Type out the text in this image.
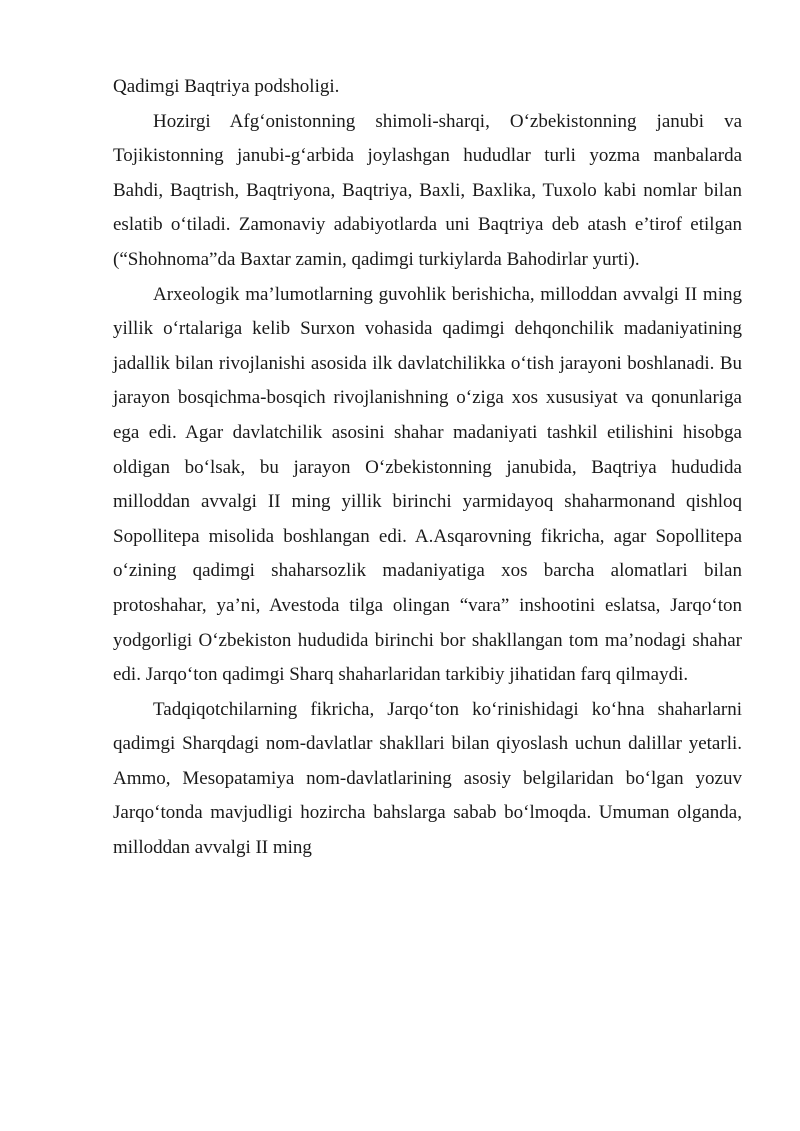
Qadimgi Baqtriya podsholigi.

Hozirgi Afg‘onistonning shimoli-sharqi, O‘zbekistonning janubi va Tojikistonning janubi-g‘arbida joylashgan hududlar turli yozma manbalarda Bahdi, Baqtrish, Baqtriyona, Baqtriya, Baxli, Baxlika, Tuxolo kabi nomlar bilan eslatib o‘tiladi. Zamonaviy adabiyotlarda uni Baqtriya deb atash e’tirof etilgan (“Shohnoma”da Baxtar zamin, qadimgi turkiylarda Bahodirlar yurti).

Arxeologik ma’lumotlarning guvohlik berishicha, milloddan avvalgi II ming yillik o‘rtalariga kelib Surxon vohasida qadimgi dehqonchilik madaniyatining jadallik bilan rivojlanishi asosida ilk davlatchilikka o‘tish jarayoni boshlanadi. Bu jarayon bosqichma-bosqich rivojlanishning o‘ziga xos xususiyat va qonunlariga ega edi. Agar davlatchilik asosini shahar madaniyati tashkil etilishini hisobga oldigan bo‘lsak, bu jarayon O‘zbekistonning janubida, Baqtriya hududida milloddan avvalgi II ming yillik birinchi yarmidayoq shaharmonand qishloq Sopollitepa misolida boshlangan edi. A.Asqarovning fikricha, agar Sopollitepa o‘zining qadimgi shaharsozlik madaniyatiga xos barcha alomatlari bilan protoshahar, ya’ni, Avestoda tilga olingan “vara” inshootini eslatsa, Jarqo‘ton yodgorligi O‘zbekiston hududida birinchi bor shakllangan tom ma’nodagi shahar edi. Jarqo‘ton qadimgi Sharq shaharlaridan tarkibiy jihatidan farq qilmaydi.

Tadqiqotchilarning fikricha, Jarqo‘ton ko‘rinishidagi ko‘hna shaharlarni qadimgi Sharqdagi nom-davlatlar shakllari bilan qiyoslash uchun dalillar yetarli. Ammo, Mesopatamiya nom-davlatlarining asosiy belgilaridan bo‘lgan yozuv Jarqo‘tonda mavjudligi hozircha bahslarga sabab bo‘lmoqda. Umuman olganda, milloddan avvalgi II ming
